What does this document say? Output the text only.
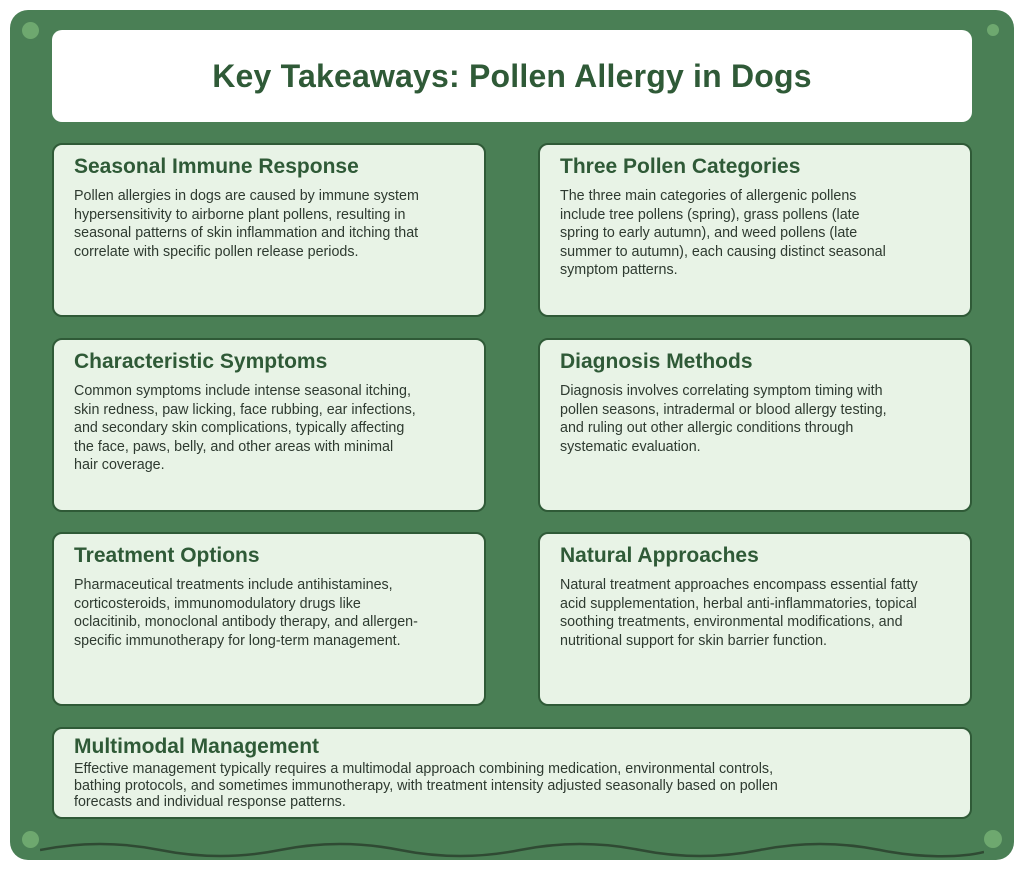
Key Takeaways: Pollen Allergy in Dogs
Seasonal Immune Response

Pollen allergies in dogs are caused by immune system hypersensitivity to airborne plant pollens, resulting in seasonal patterns of skin inflammation and itching that correlate with specific pollen release periods.

Three Pollen Categories

The three main categories of allergenic pollens include tree pollens (spring), grass pollens (late spring to early autumn), and weed pollens (late summer to autumn), each causing distinct seasonal symptom patterns.

Characteristic Symptoms

Common symptoms include intense seasonal itching, skin redness, paw licking, face rubbing, ear infections, and secondary skin complications, typically affecting the face, paws, belly, and other areas with minimal hair coverage.

Diagnosis Methods

Diagnosis involves correlating symptom timing with pollen seasons, intradermal or blood allergy testing, and ruling out other allergic conditions through systematic evaluation.

Treatment Options

Pharmaceutical treatments include antihistamines, corticosteroids, immunomodulatory drugs like oclacitinib, monoclonal antibody therapy, and allergen-specific immunotherapy for long-term management.

Natural Approaches

Natural treatment approaches encompass essential fatty acid supplementation, herbal anti-inflammatories, topical soothing treatments, environmental modifications, and nutritional support for skin barrier function.

Multimodal Management

Effective management typically requires a multimodal approach combining medication, environmental controls, bathing protocols, and sometimes immunotherapy, with treatment intensity adjusted seasonally based on pollen forecasts and individual response patterns.
